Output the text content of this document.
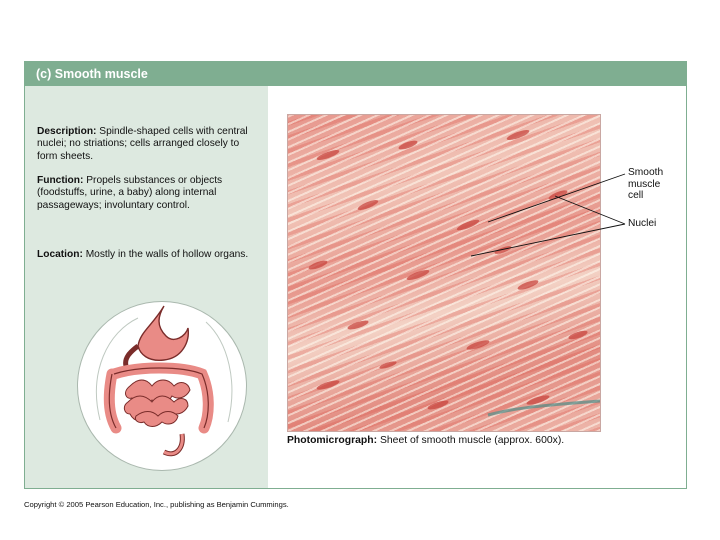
(c) Smooth muscle
Description: Spindle-shaped cells with central nuclei; no striations; cells arranged closely to form sheets.
Function: Propels substances or objects (foodstuffs, urine, a baby) along internal passageways; involuntary control.
Location: Mostly in the walls of hollow organs.
Smooth
muscle
cell
Nuclei
Photomicrograph: Sheet of smooth muscle (approx. 600x).
Copyright © 2005 Pearson Education, Inc., publishing as Benjamin Cummings.
